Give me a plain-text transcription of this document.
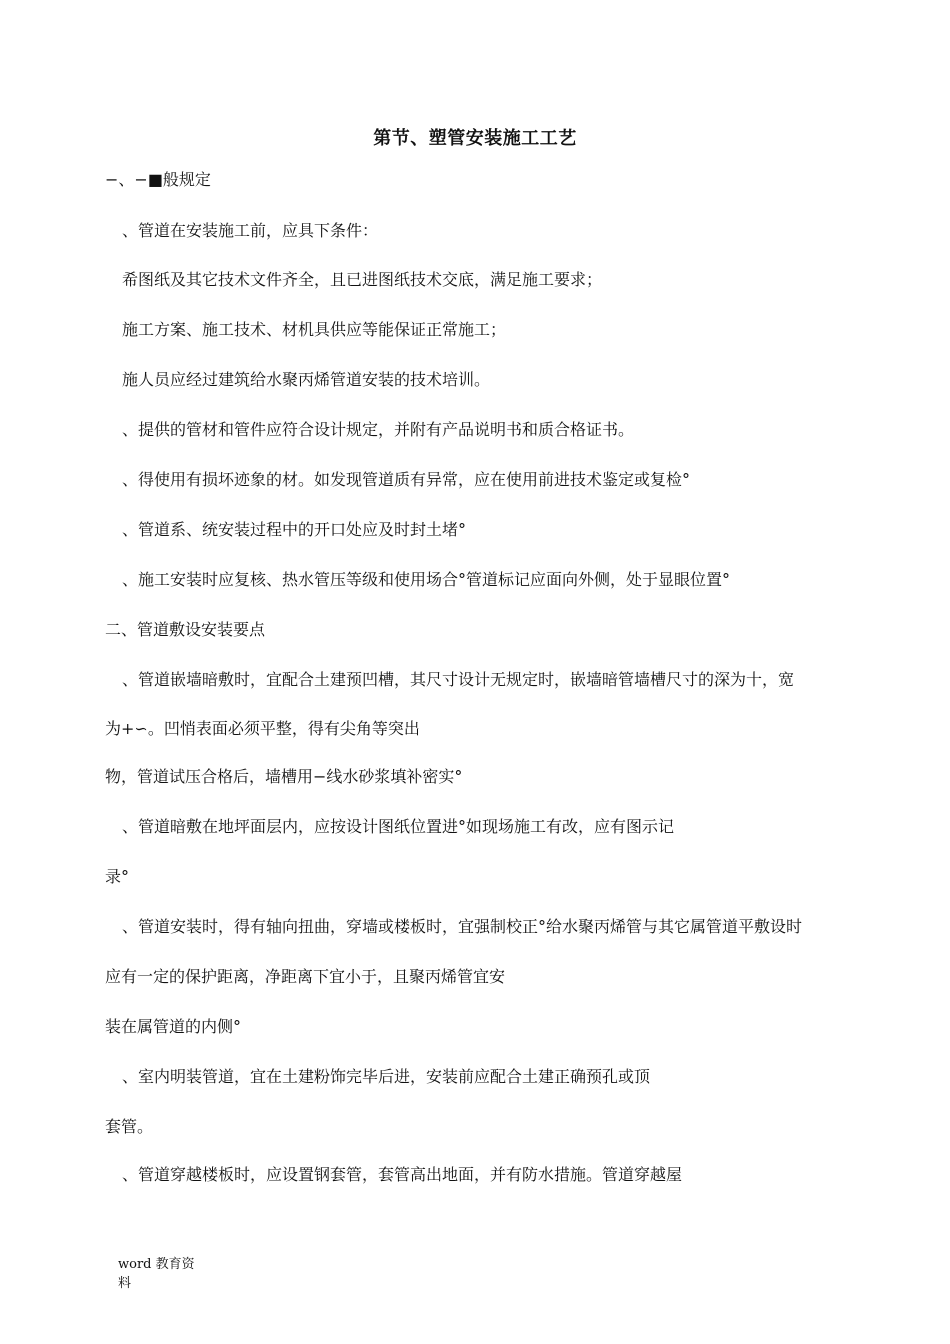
第节、塑管安装施工工艺
−、−■般规定
、管道在安装施工前，应具下条件：
希图纸及其它技术文件齐全，且已进图纸技术交底，满足施工要求；
施工方案、施工技术、材机具供应等能保证正常施工；
施人员应经过建筑给水聚丙烯管道安装的技术培训。
、提供的管材和管件应符合设计规定，并附有产品说明书和质合格证书。
、得使用有损坏迹象的材。如发现管道质有异常，应在使用前进技术鉴定或复检°
、管道系、统安装过程中的开口处应及时封土堵°
、施工安装时应复核、热水管压等级和使用场合°管道标记应面向外侧，处于显眼位置°
二、管道敷设安装要点
、管道嵌墙暗敷时，宜配合土建预凹槽，其尺寸设计无规定时，嵌墙暗管墙槽尺寸的深为十，宽
为+∽。凹悄表面必须平整，得有尖角等突出
物，管道试压合格后，墙槽用−线水砂浆填补密实°
、管道暗敷在地坪面层内，应按设计图纸位置进°如现场施工有改，应有图示记
录°
、管道安装时，得有轴向扭曲，穿墙或楼板时，宜强制校正°给水聚丙烯管与其它属管道平敷设时
应有一定的保护距离，净距离下宜小于，且聚丙烯管宜安
装在属管道的内侧°
、室内明装管道，宜在土建粉饰完毕后进，安装前应配合土建正确预孔或顶
套管。
、管道穿越楼板时，应设置钢套管，套管高出地面，并有防水措施。管道穿越屋
word 教育资
料
